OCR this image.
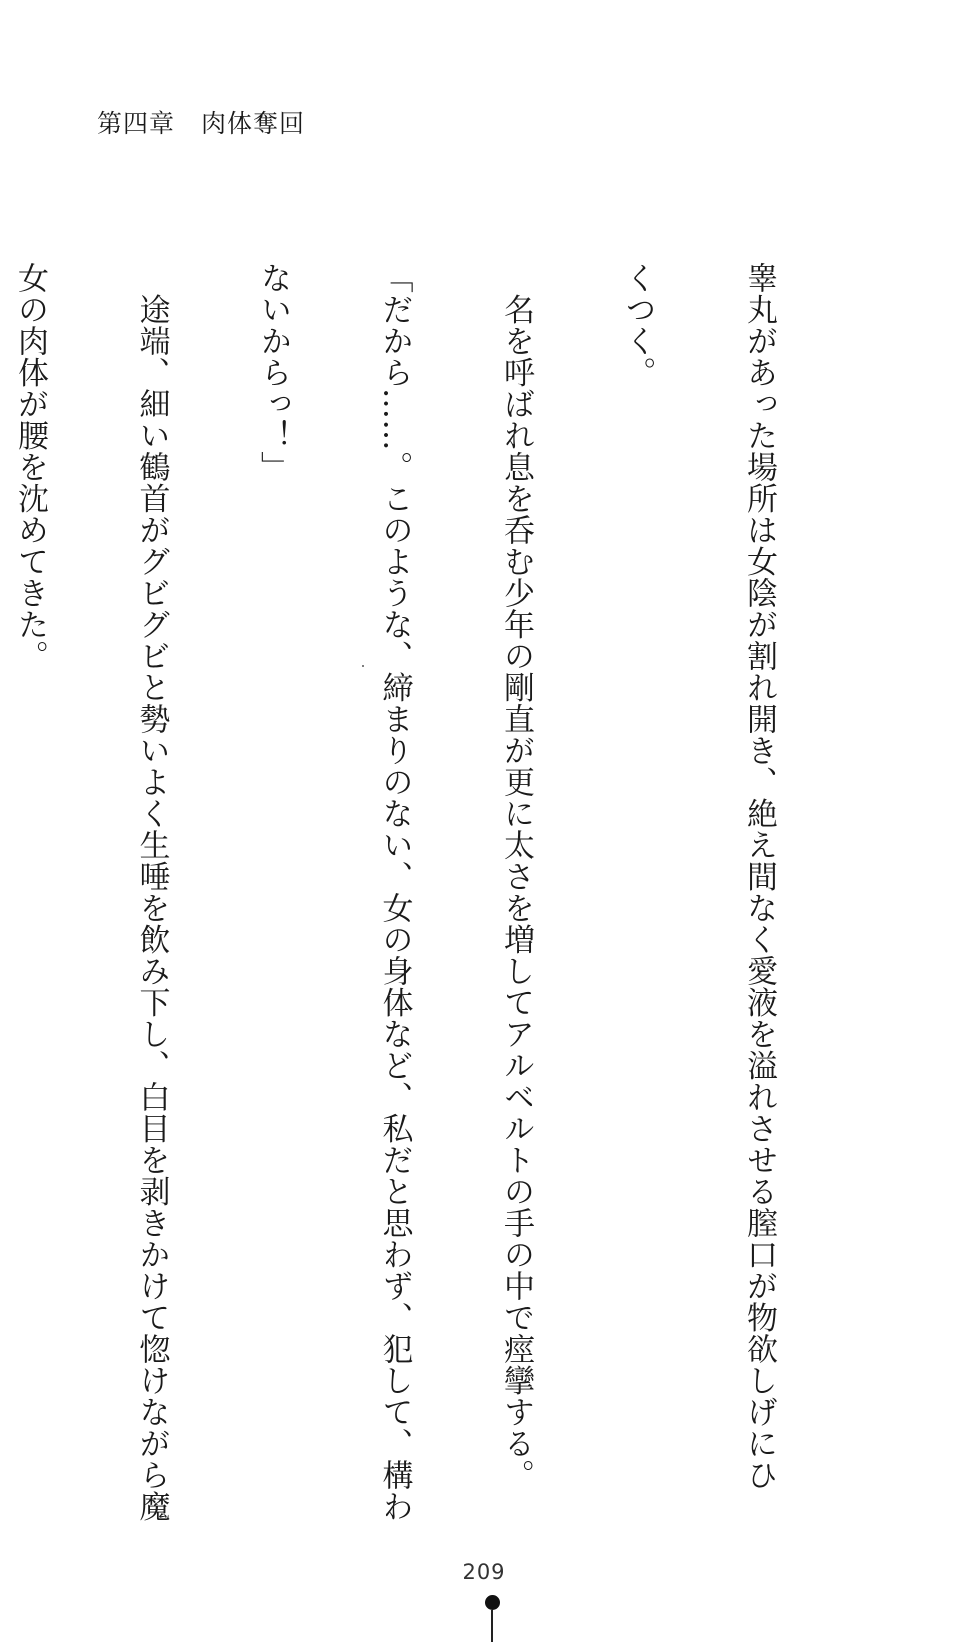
第四章　肉体奪回

睾丸があった場所は女陰が割れ開き、絶え間なく愛液を溢れさせる膣口が物欲しげにひ

くつく。

　名を呼ばれ息を呑む少年の剛直が更に太さを増してアルベルトの手の中で痙攣する。

「だから……。このような、締まりのない、女の身体など、私だと思わず、犯して、構わ

ないからっ！」

　途端、細い鶴首がグビグビと勢いよく生唾を飲み下し、白目を剥きかけて惚けながら魔

女の肉体が腰を沈めてきた。

209
